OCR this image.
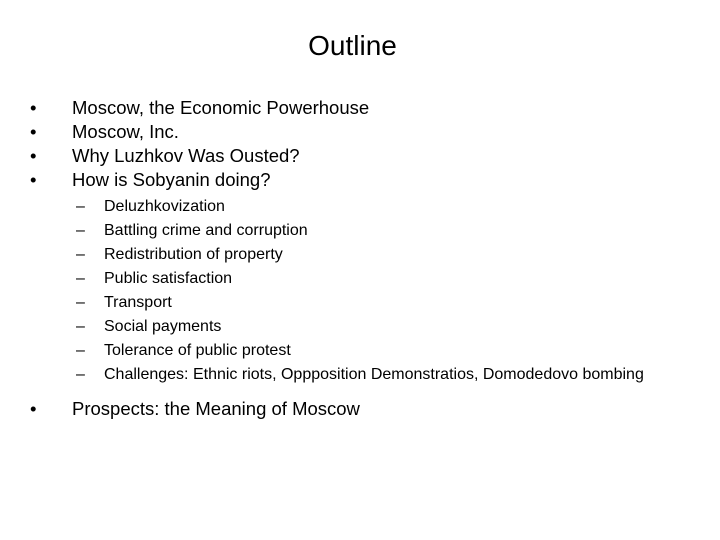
Outline
•	Moscow, the Economic Powerhouse
•	Moscow, Inc.
•	Why Luzhkov Was Ousted?
•	How is Sobyanin doing?
–	Deluzhkovization
–	Battling crime and corruption
–	Redistribution of property
–	Public satisfaction
–	Transport
–	Social payments
–	Tolerance of public protest
–	Challenges: Ethnic riots, Oppposition Demonstratios, Domodedovo bombing
•	Prospects: the Meaning of Moscow
